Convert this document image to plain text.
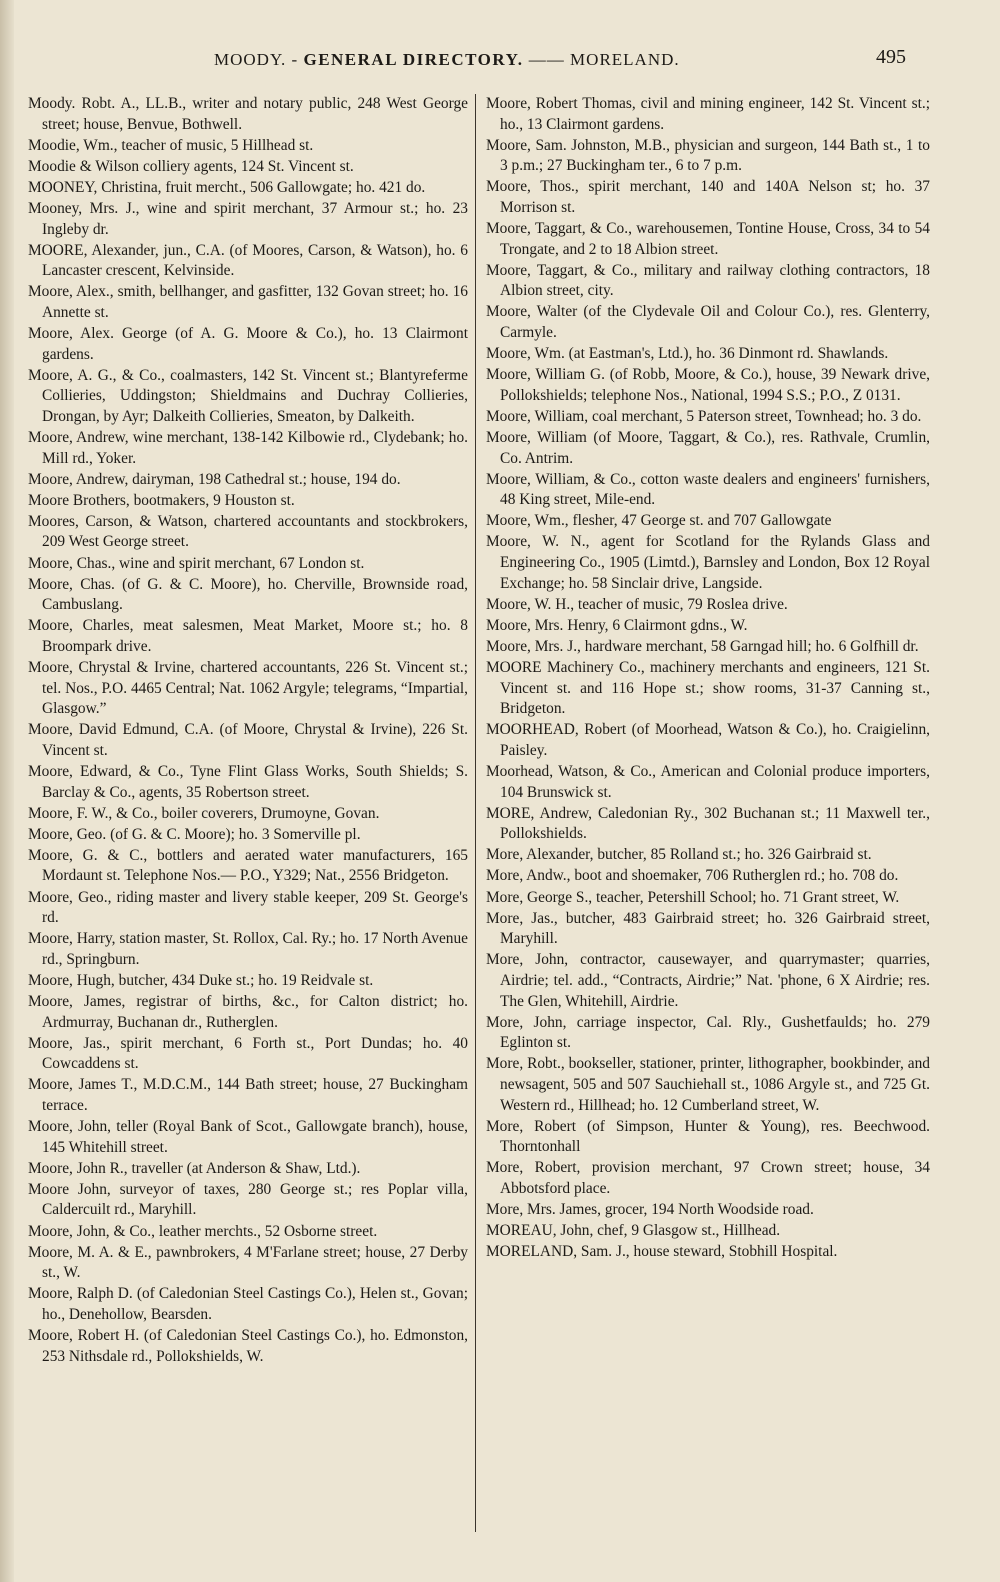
MOODY. - GENERAL DIRECTORY. —— MORELAND.	495

Moody. Robt. A., LL.B., writer and notary public, 248 West George street; house, Benvue, Bothwell.

Moodie, Wm., teacher of music, 5 Hillhead st.

Moodie & Wilson colliery agents, 124 St. Vincent st.

MOONEY, Christina, fruit mercht., 506 Gallowgate; ho. 421 do.

Mooney, Mrs. J., wine and spirit merchant, 37 Armour st.; ho. 23 Ingleby dr.

MOORE, Alexander, jun., C.A. (of Moores, Carson, & Watson), ho. 6 Lancaster crescent, Kelvinside.

Moore, Alex., smith, bellhanger, and gasfitter, 132 Govan street; ho. 16 Annette st.

Moore, Alex. George (of A. G. Moore & Co.), ho. 13 Clairmont gardens.

Moore, A. G., & Co., coalmasters, 142 St. Vincent st.; Blantyreferme Collieries, Uddingston; Shieldmains and Duchray Collieries, Drongan, by Ayr; Dalkeith Collieries, Smeaton, by Dalkeith.

Moore, Andrew, wine merchant, 138-142 Kilbowie rd., Clydebank; ho. Mill rd., Yoker.

Moore, Andrew, dairyman, 198 Cathedral st.; house, 194 do.

Moore Brothers, bootmakers, 9 Houston st.

Moores, Carson, & Watson, chartered accountants and stockbrokers, 209 West George street.

Moore, Chas., wine and spirit merchant, 67 London st.

Moore, Chas. (of G. & C. Moore), ho. Cherville, Brownside road, Cambuslang.

Moore, Charles, meat salesmen, Meat Market, Moore st.; ho. 8 Broompark drive.

Moore, Chrystal & Irvine, chartered accountants, 226 St. Vincent st.; tel. Nos., P.O. 4465 Central; Nat. 1062 Argyle; telegrams, “Impartial, Glasgow.”

Moore, David Edmund, C.A. (of Moore, Chrystal & Irvine), 226 St. Vincent st.

Moore, Edward, & Co., Tyne Flint Glass Works, South Shields; S. Barclay & Co., agents, 35 Robertson street.

Moore, F. W., & Co., boiler coverers, Drumoyne, Govan.

Moore, Geo. (of G. & C. Moore); ho. 3 Somerville pl.

Moore, G. & C., bottlers and aerated water manufacturers, 165 Mordaunt st. Telephone Nos.— P.O., Y329; Nat., 2556 Bridgeton.

Moore, Geo., riding master and livery stable keeper, 209 St. George's rd.

Moore, Harry, station master, St. Rollox, Cal. Ry.; ho. 17 North Avenue rd., Springburn.

Moore, Hugh, butcher, 434 Duke st.; ho. 19 Reidvale st.

Moore, James, registrar of births, &c., for Calton district; ho. Ardmurray, Buchanan dr., Rutherglen.

Moore, Jas., spirit merchant, 6 Forth st., Port Dundas; ho. 40 Cowcaddens st.

Moore, James T., M.D.C.M., 144 Bath street; house, 27 Buckingham terrace.

Moore, John, teller (Royal Bank of Scot., Gallowgate branch), house, 145 Whitehill street.

Moore, John R., traveller (at Anderson & Shaw, Ltd.).

Moore John, surveyor of taxes, 280 George st.; res Poplar villa, Caldercuilt rd., Maryhill.

Moore, John, & Co., leather merchts., 52 Osborne street.

Moore, M. A. & E., pawnbrokers, 4 M'Farlane street; house, 27 Derby st., W.

Moore, Ralph D. (of Caledonian Steel Castings Co.), Helen st., Govan; ho., Denehollow, Bearsden.

Moore, Robert H. (of Caledonian Steel Castings Co.), ho. Edmonston, 253 Nithsdale rd., Pollokshields, W.

Moore, Robert Thomas, civil and mining engineer, 142 St. Vincent st.; ho., 13 Clairmont gardens.

Moore, Sam. Johnston, M.B., physician and surgeon, 144 Bath st., 1 to 3 p.m.; 27 Buckingham ter., 6 to 7 p.m.

Moore, Thos., spirit merchant, 140 and 140A Nelson st; ho. 37 Morrison st.

Moore, Taggart, & Co., warehousemen, Tontine House, Cross, 34 to 54 Trongate, and 2 to 18 Albion street.

Moore, Taggart, & Co., military and railway clothing contractors, 18 Albion street, city.

Moore, Walter (of the Clydevale Oil and Colour Co.), res. Glenterry, Carmyle.

Moore, Wm. (at Eastman's, Ltd.), ho. 36 Dinmont rd. Shawlands.

Moore, William G. (of Robb, Moore, & Co.), house, 39 Newark drive, Pollokshields; telephone Nos., National, 1994 S.S.; P.O., Z 0131.

Moore, William, coal merchant, 5 Paterson street, Townhead; ho. 3 do.

Moore, William (of Moore, Taggart, & Co.), res. Rathvale, Crumlin, Co. Antrim.

Moore, William, & Co., cotton waste dealers and engineers' furnishers, 48 King street, Mile-end.

Moore, Wm., flesher, 47 George st. and 707 Gallowgate

Moore, W. N., agent for Scotland for the Rylands Glass and Engineering Co., 1905 (Limtd.), Barnsley and London, Box 12 Royal Exchange; ho. 58 Sinclair drive, Langside.

Moore, W. H., teacher of music, 79 Roslea drive.

Moore, Mrs. Henry, 6 Clairmont gdns., W.

Moore, Mrs. J., hardware merchant, 58 Garngad hill; ho. 6 Golfhill dr.

MOORE Machinery Co., machinery merchants and engineers, 121 St. Vincent st. and 116 Hope st.; show rooms, 31-37 Canning st., Bridgeton.

MOORHEAD, Robert (of Moorhead, Watson & Co.), ho. Craigielinn, Paisley.

Moorhead, Watson, & Co., American and Colonial produce importers, 104 Brunswick st.

MORE, Andrew, Caledonian Ry., 302 Buchanan st.; 11 Maxwell ter., Pollokshields.

More, Alexander, butcher, 85 Rolland st.; ho. 326 Gairbraid st.

More, Andw., boot and shoemaker, 706 Rutherglen rd.; ho. 708 do.

More, George S., teacher, Petershill School; ho. 71 Grant street, W.

More, Jas., butcher, 483 Gairbraid street; ho. 326 Gairbraid street, Maryhill.

More, John, contractor, causewayer, and quarrymaster; quarries, Airdrie; tel. add., “Contracts, Airdrie;” Nat. 'phone, 6 X Airdrie; res. The Glen, Whitehill, Airdrie.

More, John, carriage inspector, Cal. Rly., Gushetfaulds; ho. 279 Eglinton st.

More, Robt., bookseller, stationer, printer, lithographer, bookbinder, and newsagent, 505 and 507 Sauchiehall st., 1086 Argyle st., and 725 Gt. Western rd., Hillhead; ho. 12 Cumberland street, W.

More, Robert (of Simpson, Hunter & Young), res. Beechwood. Thorntonhall

More, Robert, provision merchant, 97 Crown street; house, 34 Abbotsford place.

More, Mrs. James, grocer, 194 North Woodside road.

MOREAU, John, chef, 9 Glasgow st., Hillhead.

MORELAND, Sam. J., house steward, Stobhill Hospital.
